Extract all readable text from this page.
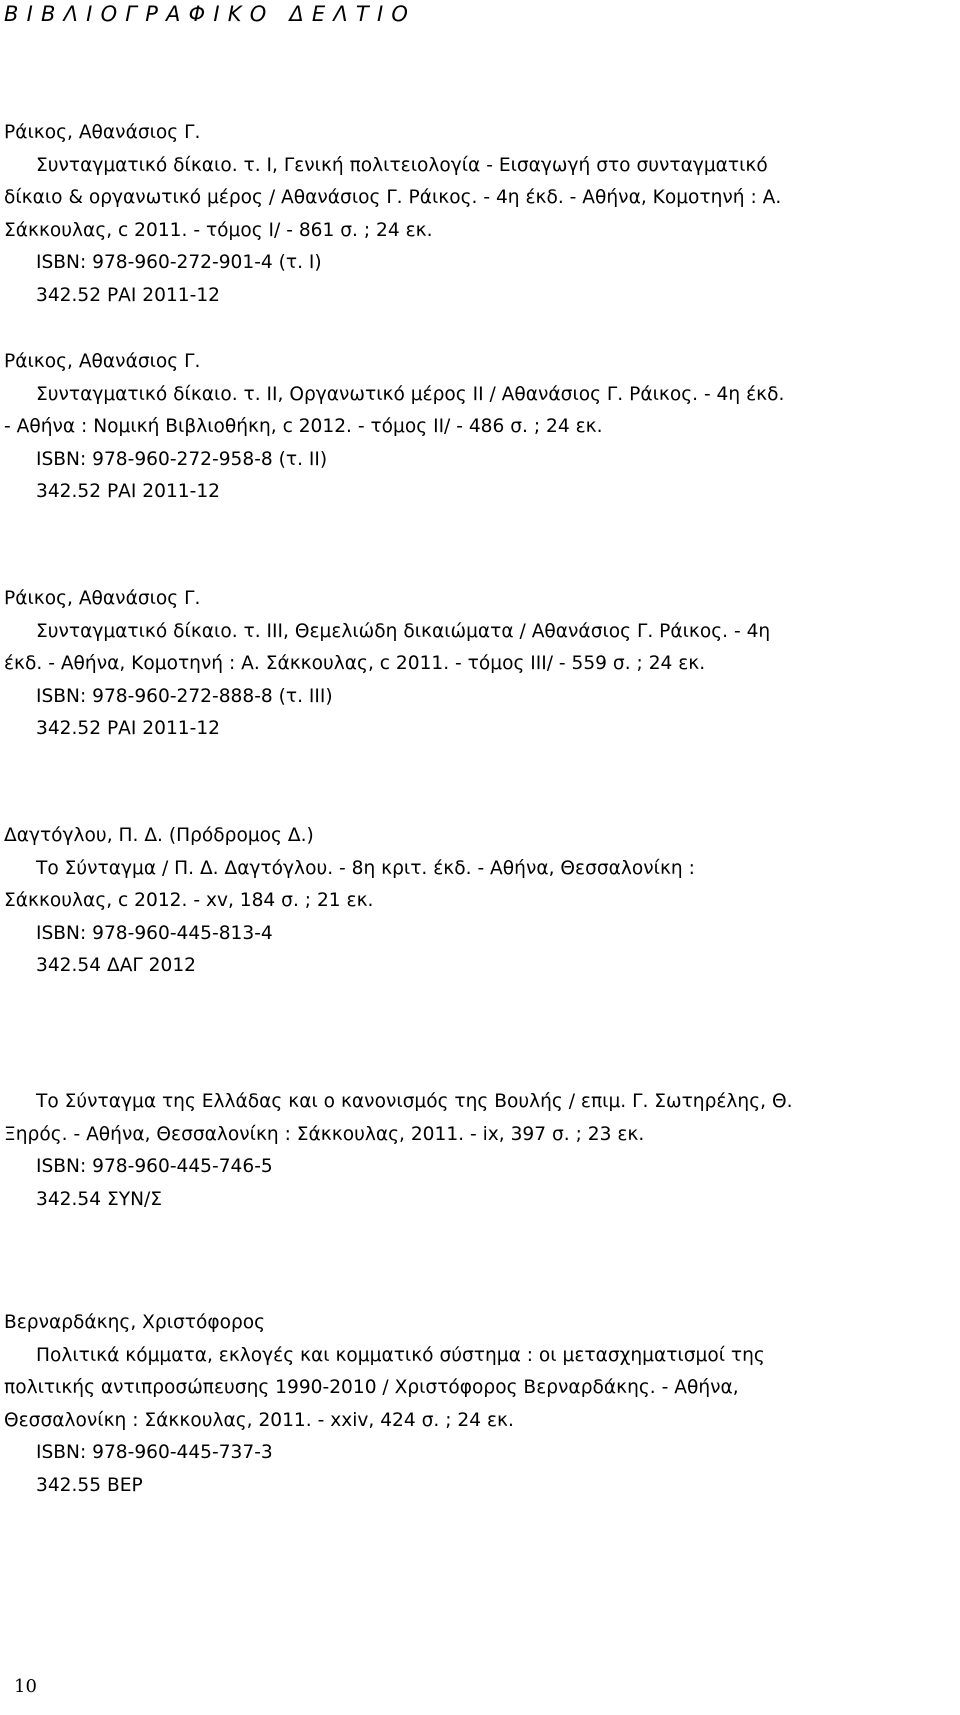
ΒΙΒΛΙΟΓΡΑΦΙΚΟ ΔΕΛΤΙΟ
Ράικος, Αθανάσιος Γ.
Συνταγματικό δίκαιο. τ. Ι, Γενική πολιτειολογία - Εισαγωγή στο συνταγματικό
δίκαιο & οργανωτικό μέρος / Αθανάσιος Γ. Ράικος. - 4η έκδ. - Αθήνα, Κομοτηνή : Α.
Σάκκουλας, c 2011. - τόμος Ι/ - 861 σ. ; 24 εκ.
ISBN: 978-960-272-901-4 (τ. Ι)
342.52 ΡΑΙ 2011-12
Ράικος, Αθανάσιος Γ.
Συνταγματικό δίκαιο. τ. ΙΙ, Οργανωτικό μέρος ΙΙ / Αθανάσιος Γ. Ράικος. - 4η έκδ.
- Αθήνα : Νομική Βιβλιοθήκη, c 2012. - τόμος ΙΙ/ - 486 σ. ; 24 εκ.
ISBN: 978-960-272-958-8 (τ. ΙΙ)
342.52 ΡΑΙ 2011-12
Ράικος, Αθανάσιος Γ.
Συνταγματικό δίκαιο. τ. ΙΙΙ, Θεμελιώδη δικαιώματα / Αθανάσιος Γ. Ράικος. - 4η
έκδ. - Αθήνα, Κομοτηνή : Α. Σάκκουλας, c 2011. - τόμος ΙΙΙ/ - 559 σ. ; 24 εκ.
ISBN: 978-960-272-888-8 (τ. ΙΙΙ)
342.52 ΡΑΙ 2011-12
Δαγτόγλου, Π. Δ. (Πρόδρομος Δ.)
Το Σύνταγμα / Π. Δ. Δαγτόγλου. - 8η κριτ. έκδ. - Αθήνα, Θεσσαλονίκη :
Σάκκουλας, c 2012. - xv, 184 σ. ; 21 εκ.
ISBN: 978-960-445-813-4
342.54 ΔΑΓ 2012
Το Σύνταγμα της Ελλάδας και ο κανονισμός της Βουλής / επιμ. Γ. Σωτηρέλης, Θ.
Ξηρός. - Αθήνα, Θεσσαλονίκη : Σάκκουλας, 2011. - ix, 397 σ. ; 23 εκ.
ISBN: 978-960-445-746-5
342.54 ΣΥΝ/Σ
Βερναρδάκης, Χριστόφορος
Πολιτικά κόμματα, εκλογές και κομματικό σύστημα : οι μετασχηματισμοί της
πολιτικής αντιπροσώπευσης 1990-2010 / Χριστόφορος Βερναρδάκης. - Αθήνα,
Θεσσαλονίκη : Σάκκουλας, 2011. - xxiv, 424 σ. ; 24 εκ.
ISBN: 978-960-445-737-3
342.55 ΒΕΡ
10
